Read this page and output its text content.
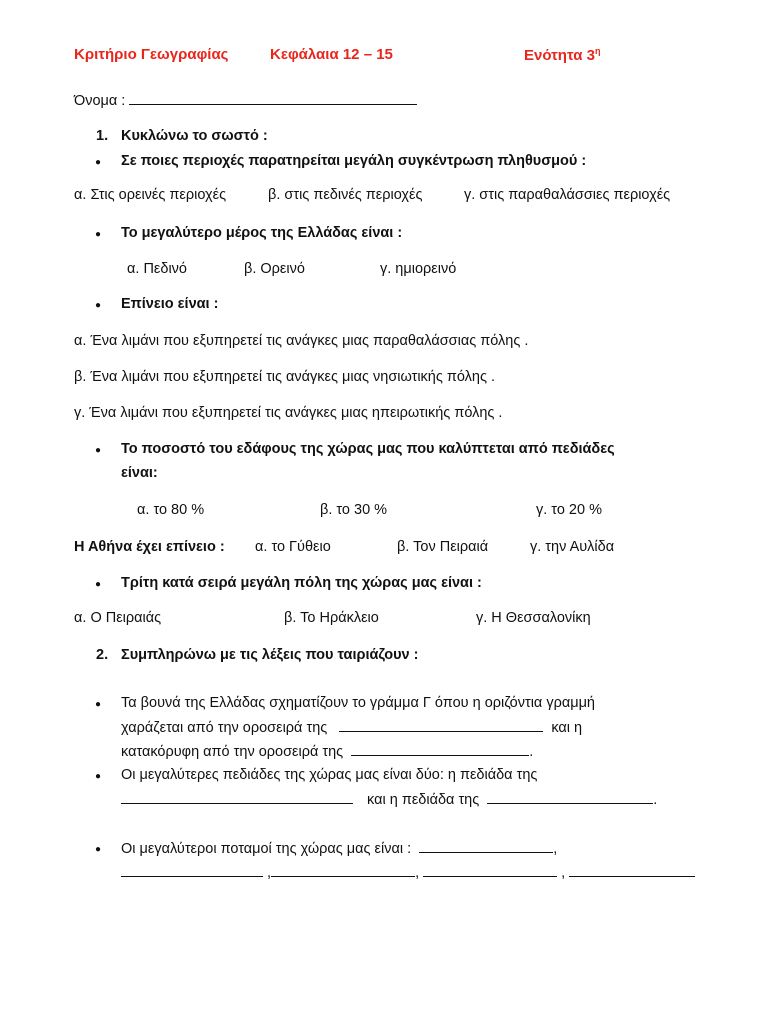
Κριτήριο Γεωγραφίας	Κεφάλαια 12 – 15	Ενότητα $3^\eta$
Όνομα :
1. Κυκλώνω το σωστό :
● Σε ποιες περιοχές παρατηρείται μεγάλη συγκέντρωση πληθυσμού :
α. Στις ορεινές περιοχές	β. στις πεδινές περιοχές	γ. στις παραθαλάσσιες περιοχές
● Το μεγαλύτερο μέρος της Ελλάδας είναι :
α. Πεδινό	β. Ορεινό	γ. ημιορεινό
● Επίνειο είναι :
α. Ένα λιμάνι που εξυπηρετεί τις ανάγκες μιας παραθαλάσσιας πόλης .
β. Ένα λιμάνι που εξυπηρετεί τις ανάγκες μιας νησιωτικής πόλης .
γ. Ένα λιμάνι που εξυπηρετεί τις ανάγκες μιας ηπειρωτικής πόλης .
● Το ποσοστό του εδάφους της χώρας μας που καλύπτεται από πεδιάδες
είναι:
α. το 80 %	β. το 30 %	γ. το 20 %
Η Αθήνα έχει επίνειο : α. το Γύθειο	β. Τον Πειραιά	γ. την Αυλίδα
● Τρίτη κατά σειρά μεγάλη πόλη της χώρας μας είναι :
α. Ο Πειραιάς	β. Το Ηράκλειο	γ. Η Θεσσαλονίκη
2. Συμπληρώνω με τις λέξεις που ταιριάζουν :
● Τα βουνά της Ελλάδας σχηματίζουν το γράμμα Γ όπου η οριζόντια γραμμή
χαράζεται από την οροσειρά της	και η
κατακόρυφη από την οροσειρά της	.
● Οι μεγαλύτερες πεδιάδες της χώρας μας είναι δύο: η πεδιάδα της
και η πεδιάδα της	.
● Οι μεγαλύτεροι ποταμοί της χώρας μας είναι :	,
,	,	,
